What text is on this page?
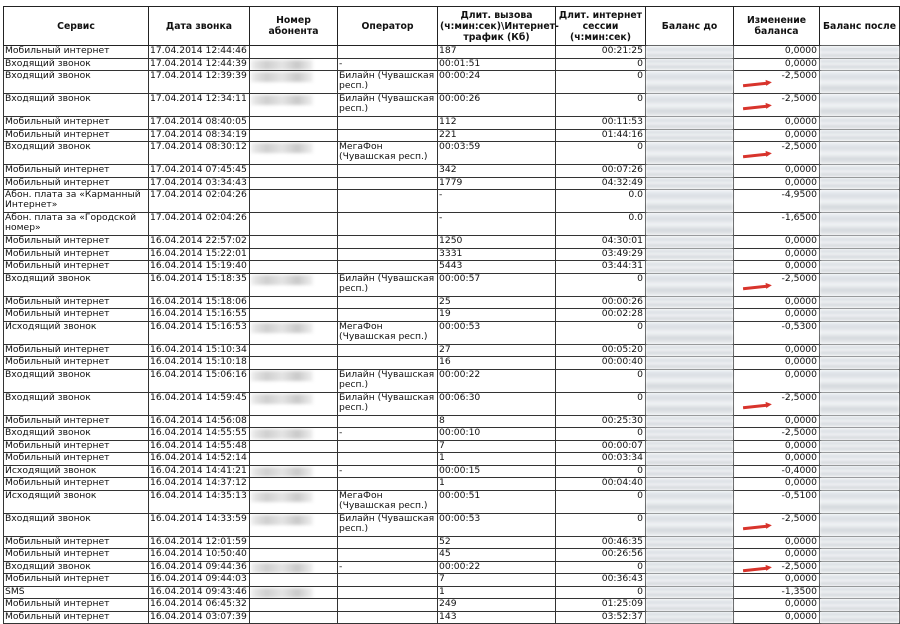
Сервис	Дата звонка	Номер абонента	Оператор	Длит. вызова (ч:мин:сек)\Интернет-трафик (Кб)	Длит. интернет сессии (ч:мин:сек)	Баланс до	Изменение баланса	Баланс после
Мобильный интернет	17.04.2014 12:44:46			187	00:21:25		0,0000	
Входящий звонок	17.04.2014 12:44:39		-	00:01:51	0		0,0000	
Входящий звонок	17.04.2014 12:39:39		Билайн (Чувашская респ.)	00:00:24	0		-2,5000	
Входящий звонок	17.04.2014 12:34:11		Билайн (Чувашская респ.)	00:00:26	0		-2,5000	
Мобильный интернет	17.04.2014 08:40:05			112	00:11:53		0,0000	
Мобильный интернет	17.04.2014 08:34:19			221	01:44:16		0,0000	
Входящий звонок	17.04.2014 08:30:12		МегаФон (Чувашская респ.)	00:03:59	0		-2,5000	
Мобильный интернет	17.04.2014 07:45:45			342	00:07:26		0,0000	
Мобильный интернет	17.04.2014 03:34:43			1779	04:32:49		0,0000	
Абон. плата за «Карманный Интернет»	17.04.2014 02:04:26			-	0.0		-4,9500	
Абон. плата за «Городской номер»	17.04.2014 02:04:26			-	0.0		-1,6500	
Мобильный интернет	16.04.2014 22:57:02			1250	04:30:01		0,0000	
Мобильный интернет	16.04.2014 15:22:01			3331	03:49:29		0,0000	
Мобильный интернет	16.04.2014 15:19:40			5443	03:44:31		0,0000	
Входящий звонок	16.04.2014 15:18:35		Билайн (Чувашская респ.)	00:00:57	0		-2,5000	
Мобильный интернет	16.04.2014 15:18:06			25	00:00:26		0,0000	
Мобильный интернет	16.04.2014 15:16:55			19	00:02:28		0,0000	
Исходящий звонок	16.04.2014 15:16:53		МегаФон (Чувашская респ.)	00:00:53	0		-0,5300	
Мобильный интернет	16.04.2014 15:10:34			27	00:05:20		0,0000	
Мобильный интернет	16.04.2014 15:10:18			16	00:00:40		0,0000	
Входящий звонок	16.04.2014 15:06:16		Билайн (Чувашская респ.)	00:00:22	0		0,0000	
Входящий звонок	16.04.2014 14:59:45		Билайн (Чувашская респ.)	00:06:30	0		-2,5000	
Мобильный интернет	16.04.2014 14:56:08			8	00:25:30		0,0000	
Входящий звонок	16.04.2014 14:55:55		-	00:00:10	0		-2,5000	
Мобильный интернет	16.04.2014 14:55:48			7	00:00:07		0,0000	
Мобильный интернет	16.04.2014 14:52:14			1	00:03:34		0,0000	
Исходящий звонок	16.04.2014 14:41:21		-	00:00:15	0		-0,4000	
Мобильный интернет	16.04.2014 14:37:12			1	00:04:40		0,0000	
Исходящий звонок	16.04.2014 14:35:13		МегаФон (Чувашская респ.)	00:00:51	0		-0,5100	
Входящий звонок	16.04.2014 14:33:59		Билайн (Чувашская респ.)	00:00:53	0		-2,5000	
Мобильный интернет	16.04.2014 12:01:59			52	00:46:35		0,0000	
Мобильный интернет	16.04.2014 10:50:40			45	00:26:56		0,0000	
Входящий звонок	16.04.2014 09:44:36		-	00:00:22	0		-2,5000	
Мобильный интернет	16.04.2014 09:44:03			7	00:36:43		0,0000	
SMS	16.04.2014 09:43:46			1	0		-1,3500	
Мобильный интернет	16.04.2014 06:45:32			249	01:25:09		0,0000	
Мобильный интернет	16.04.2014 03:07:39			143	03:52:37		0,0000	
